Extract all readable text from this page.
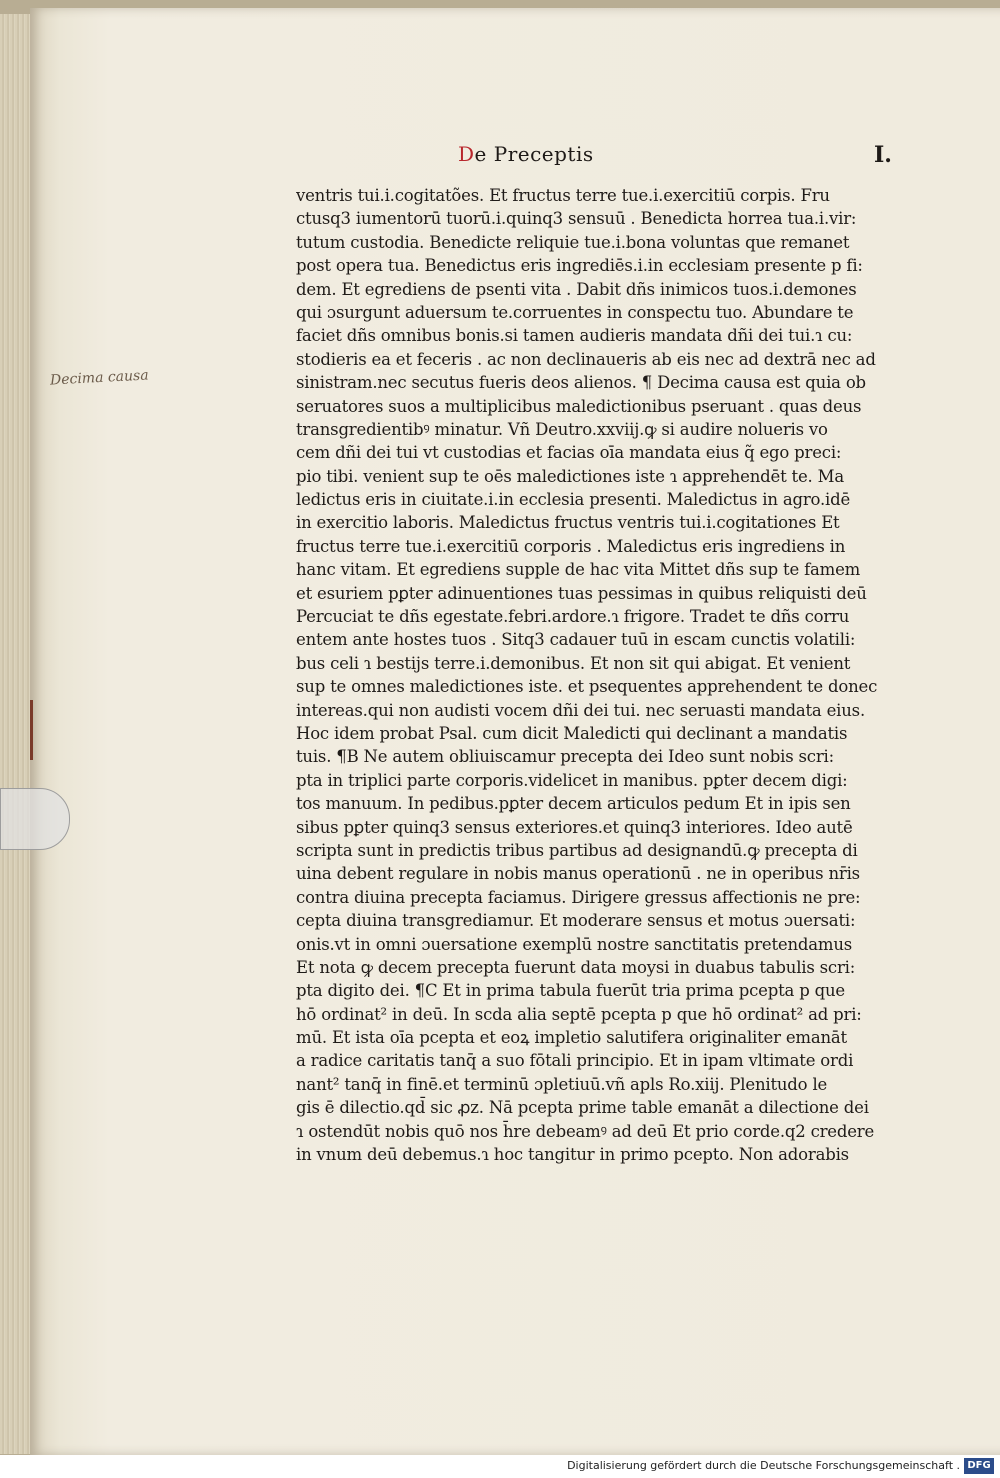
De Preceptis	I.
Decima causa
ventris tui.i.cogitatões. Et fructus terre tue.i.exercitiū corpis. Fru
ctusq3 iumentorū tuorū.i.quinq3 sensuū . Benedicta horrea tua.i.vir:
tutum custodia. Benedicte reliquie tue.i.bona voluntas que remanet
post opera tua. Benedictus eris ingrediēs.i.in ecclesiam presente p fi:
dem. Et egrediens de psenti vita . Dabit dñs inimicos tuos.i.demones
qui ɔsurgunt aduersum te.corruentes in conspectu tuo. Abundare te
faciet dñs omnibus bonis.si tamen audieris mandata dñi dei tui.ɿ cu:
stodieris ea et feceris . ac non declinaueris ab eis nec ad dextrā nec ad
sinistram.nec secutus fueris deos alienos. ¶ Decima causa est quia ob
seruatores suos a multiplicibus maledictionibus pseruant . quas deus
transgredientibꝰ minatur. Vñ Deutro.xxviij.ꝙ si audire nolueris vo
cem dñi dei tui vt custodias et facias oīa mandata eius q̃ ego preci:
pio tibi. venient sup te oēs maledictiones iste ɿ apprehendēt te. Ma
ledictus eris in ciuitate.i.in ecclesia presenti. Maledictus in agro.idē
in exercitio laboris. Maledictus fructus ventris tui.i.cogitationes Et
fructus terre tue.i.exercitiū corporis . Maledictus eris ingrediens in
hanc vitam. Et egrediens supple de hac vita Mittet dñs sup te famem
et esuriem pꝑter adinuentiones tuas pessimas in quibus reliquisti deū
Percuciat te dñs egestate.febri.ardore.ɿ frigore. Tradet te dñs corru
entem ante hostes tuos . Sitq3 cadauer tuū in escam cunctis volatili:
bus celi ɿ bestijs terre.i.demonibus. Et non sit qui abigat. Et venient
sup te omnes maledictiones iste. et psequentes apprehendent te donec
intereas.qui non audisti vocem dñi dei tui. nec seruasti mandata eius.
Hoc idem probat Psal. cum dicit Maledicti qui declinant a mandatis
tuis. ¶B Ne autem obliuiscamur precepta dei Ideo sunt nobis scri:
pta in triplici parte corporis.videlicet in manibus. pꝑter decem digi:
tos manuum. In pedibus.pꝑter decem articulos pedum Et in ipis sen
sibus pꝑter quinq3 sensus exteriores.et quinq3 interiores. Ideo autē
scripta sunt in predictis tribus partibus ad designandū.ꝙ precepta di
uina debent regulare in nobis manus operationū . ne in operibus nr̄is
contra diuina precepta faciamus. Dirigere gressus affectionis ne pre:
cepta diuina transgrediamur. Et moderare sensus et motus ɔuersati:
onis.vt in omni ɔuersatione exemplū nostre sanctitatis pretendamus
Et nota ꝙ decem precepta fuerunt data moysi in duabus tabulis scri:
pta digito dei. ¶C Et in prima tabula fuerūt tria prima pcepta p que
hō ordinat² in deū. In scda alia septē pcepta p que hō ordinat² ad pri:
mū. Et ista oīa pcepta et eoꝝ impletio salutifera originaliter emanāt
a radice caritatis tanq̄ a suo fōtali principio. Et in ipam vltimate ordi
nant² tanq̄ in finē.et terminū ɔpletiuū.vñ apls Ro.xiij. Plenitudo le
gis ē dilectio.qd̄ sic ꝓz. Nā pcepta prime table emanāt a dilectione dei
ɿ ostendūt nobis quō nos h̄re debeamꝰ ad deū Et prio corde.q2 credere
in vnum deū debemus.ɿ hoc tangitur in primo pcepto. Non adorabis
Digitalisierung gefördert durch die Deutsche Forschungsgemeinschaft . DFG
